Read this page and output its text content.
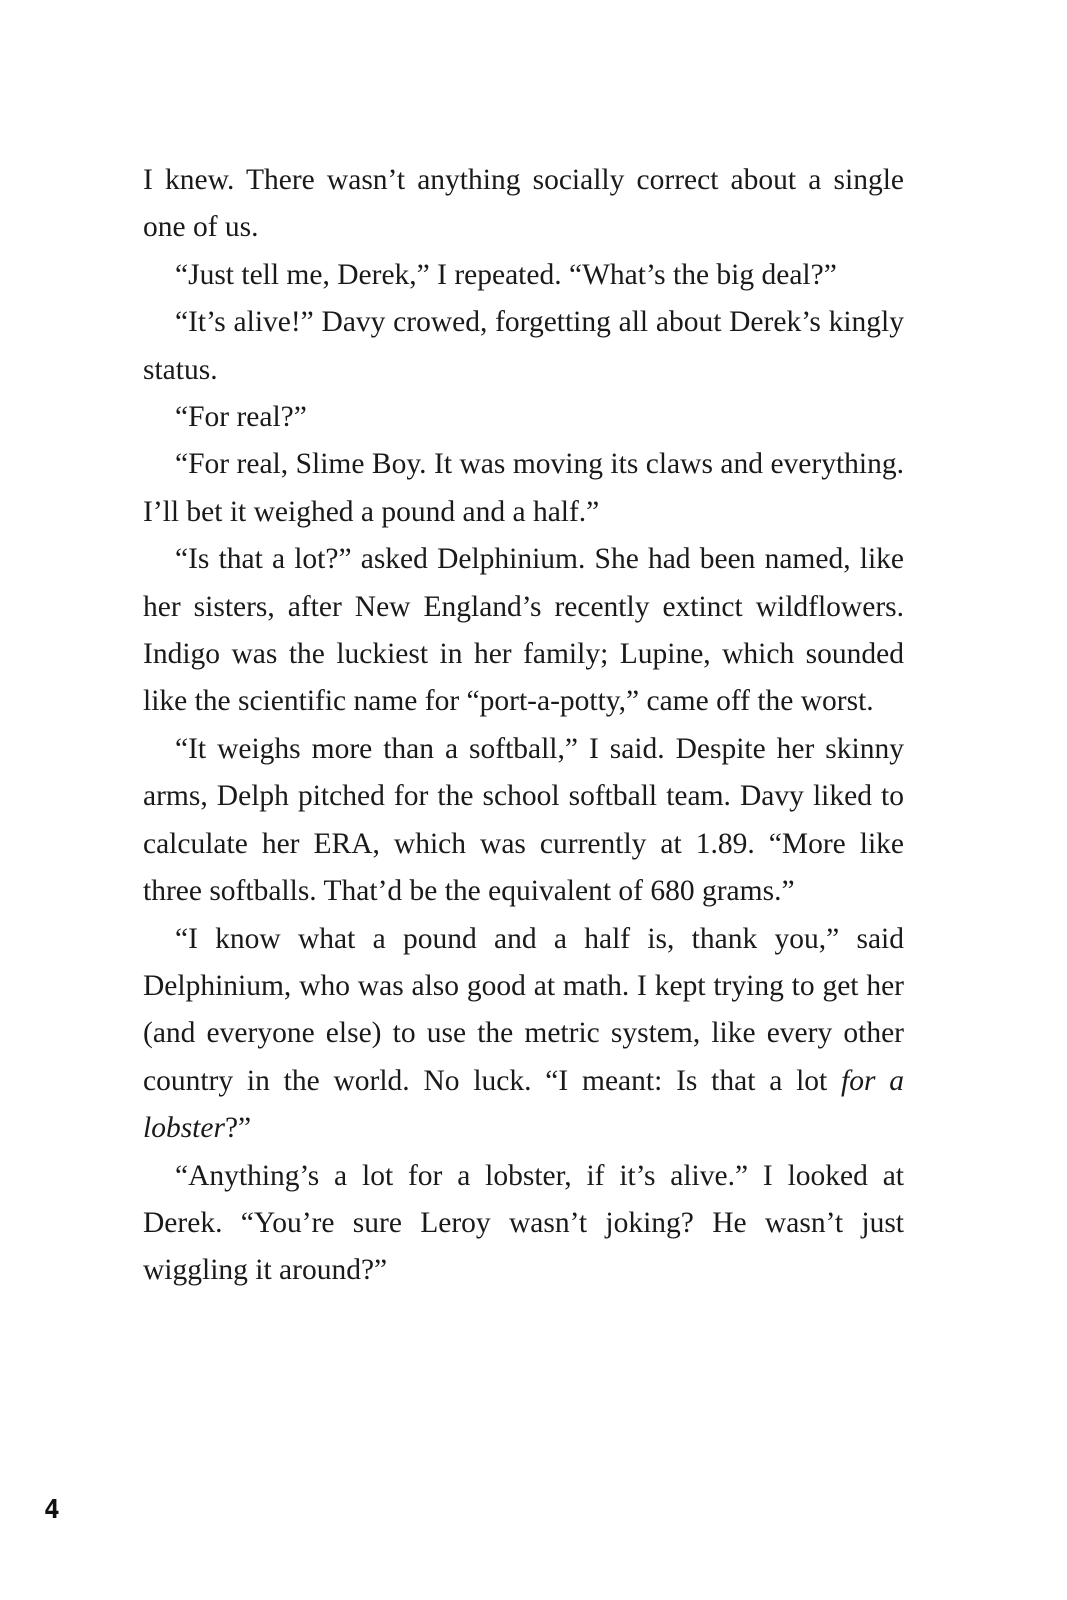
I knew. There wasn’t anything socially correct about a single one of us.

“Just tell me, Derek,” I repeated. “What’s the big deal?”

“It’s alive!” Davy crowed, forgetting all about Derek’s kingly status.

“For real?”

“For real, Slime Boy. It was moving its claws and everything. I’ll bet it weighed a pound and a half.”

“Is that a lot?” asked Delphinium. She had been named, like her sisters, after New England’s recently extinct wildflowers. Indigo was the luckiest in her family; Lupine, which sounded like the scientific name for “port-a-potty,” came off the worst.

“It weighs more than a softball,” I said. Despite her skinny arms, Delph pitched for the school softball team. Davy liked to calculate her ERA, which was currently at 1.89. “More like three softballs. That’d be the equivalent of 680 grams.”

“I know what a pound and a half is, thank you,” said Delphinium, who was also good at math. I kept trying to get her (and everyone else) to use the metric system, like every other country in the world. No luck. “I meant: Is that a lot for a lobster?”

“Anything’s a lot for a lobster, if it’s alive.” I looked at Derek. “You’re sure Leroy wasn’t joking? He wasn’t just wiggling it around?”

4
